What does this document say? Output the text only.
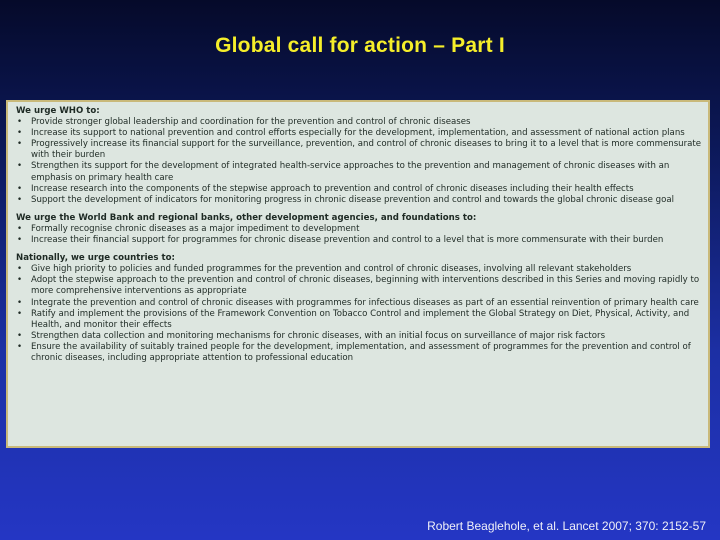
Global call for action – Part I

We urge WHO to:

• Provide stronger global leadership and coordination for the prevention and control of chronic diseases
• Increase its support to national prevention and control efforts especially for the development, implementation, and assessment of national action plans
• Progressively increase its financial support for the surveillance, prevention, and control of chronic diseases to bring it to a level that is more commensurate with their burden
• Strengthen its support for the development of integrated health-service approaches to the prevention and management of chronic diseases with an emphasis on primary health care
• Increase research into the components of the stepwise approach to prevention and control of chronic diseases including their health effects
• Support the development of indicators for monitoring progress in chronic disease prevention and control and towards the global chronic disease goal

We urge the World Bank and regional banks, other development agencies, and foundations to:

• Formally recognise chronic diseases as a major impediment to development
• Increase their financial support for programmes for chronic disease prevention and control to a level that is more commensurate with their burden

Nationally, we urge countries to:

• Give high priority to policies and funded programmes for the prevention and control of chronic diseases, involving all relevant stakeholders
• Adopt the stepwise approach to the prevention and control of chronic diseases, beginning with interventions described in this Series and moving rapidly to more comprehensive interventions as appropriate
• Integrate the prevention and control of chronic diseases with programmes for infectious diseases as part of an essential reinvention of primary health care
• Ratify and implement the provisions of the Framework Convention on Tobacco Control and implement the Global Strategy on Diet, Physical, Activity, and Health, and monitor their effects
• Strengthen data collection and monitoring mechanisms for chronic diseases, with an initial focus on surveillance of major risk factors
• Ensure the availability of suitably trained people for the development, implementation, and assessment of programmes for the prevention and control of chronic diseases, including appropriate attention to professional education
Robert Beaglehole, et al. Lancet 2007; 370: 2152-57
